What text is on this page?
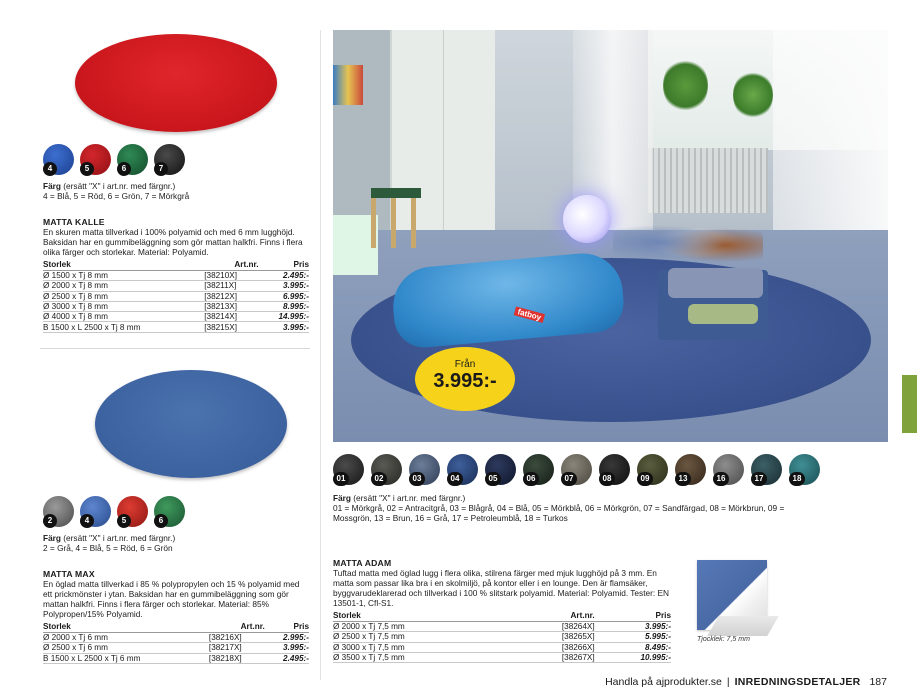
4	5	6	7
Färg (ersätt "X" i art.nr. med färgnr.)
4 = Blå, 5 = Röd, 6 = Grön, 7 = Mörkgrå
MATTA KALLE
En skuren matta tillverkad i 100% polyamid och med 6 mm lugghöjd. Baksidan har en gummibeläggning som gör mattan halkfri. Finns i flera olika färger och storlekar. Material: Polyamid.
Storlek	Art.nr.	Pris
Ø 1500 x Tj 8 mm	[38210X]	2.495:-
Ø 2000 x Tj 8 mm	[38211X]	3.995:-
Ø 2500 x Tj 8 mm	[38212X]	6.995:-
Ø 3000 x Tj 8 mm	[38213X]	8.995:-
Ø 4000 x Tj 8 mm	[38214X]	14.995:-
B 1500 x L 2500 x Tj 8 mm	[38215X]	3.995:-
2	4	5	6
Färg (ersätt "X" i art.nr. med färgnr.)
2 = Grå, 4 = Blå, 5 = Röd, 6 = Grön
MATTA MAX
En öglad matta tillverkad i 85 % polypropylen och 15 % polyamid med ett prickmönster i ytan. Baksidan har en gummibeläggning som gör mattan halkfri. Finns i flera färger och storlekar. Material: 85% Polypropen/15% Polyamid.
Storlek	Art.nr.	Pris
Ø 2000 x Tj 6 mm	[38216X]	2.995:-
Ø 2500 x Tj 6 mm	[38217X]	3.995:-
B 1500 x L 2500 x Tj 6 mm	[38218X]	2.495:-
fatboy
Från
3.995:-
01	02	03	04	05	06	07	08	09	13	16	17	18
Färg (ersätt "X" i art.nr. med färgnr.)
01 = Mörkgrå, 02 = Antracitgrå, 03 = Blågrå, 04 = Blå, 05 = Mörkblå, 06 = Mörkgrön, 07 = Sandfärgad, 08 = Mörkbrun, 09 = Mossgrön, 13 = Brun, 16 = Grå, 17 = Petroleumblå, 18 = Turkos
MATTA ADAM
Tuftad matta med öglad lugg i flera olika, stilrena färger med mjuk lugghöjd på 3 mm. En matta som passar lika bra i en skolmiljö, på kontor eller i en lounge. Den är flamsäker, byggvarudeklarerad och tillverkad i 100 % slitstark polyamid. Material: Polyamid. Tester: EN 13501-1, Cfl-S1.
Storlek	Art.nr.	Pris
Ø 2000 x Tj 7,5 mm	[38264X]	3.995:-
Ø 2500 x Tj 7,5 mm	[38265X]	5.995:-
Ø 3000 x Tj 7,5 mm	[38266X]	8.495:-
Ø 3500 x Tj 7,5 mm	[38267X]	10.995:-
Tjocklek: 7,5 mm
Handla på ajprodukter.se | INREDNINGSDETALJER 187
